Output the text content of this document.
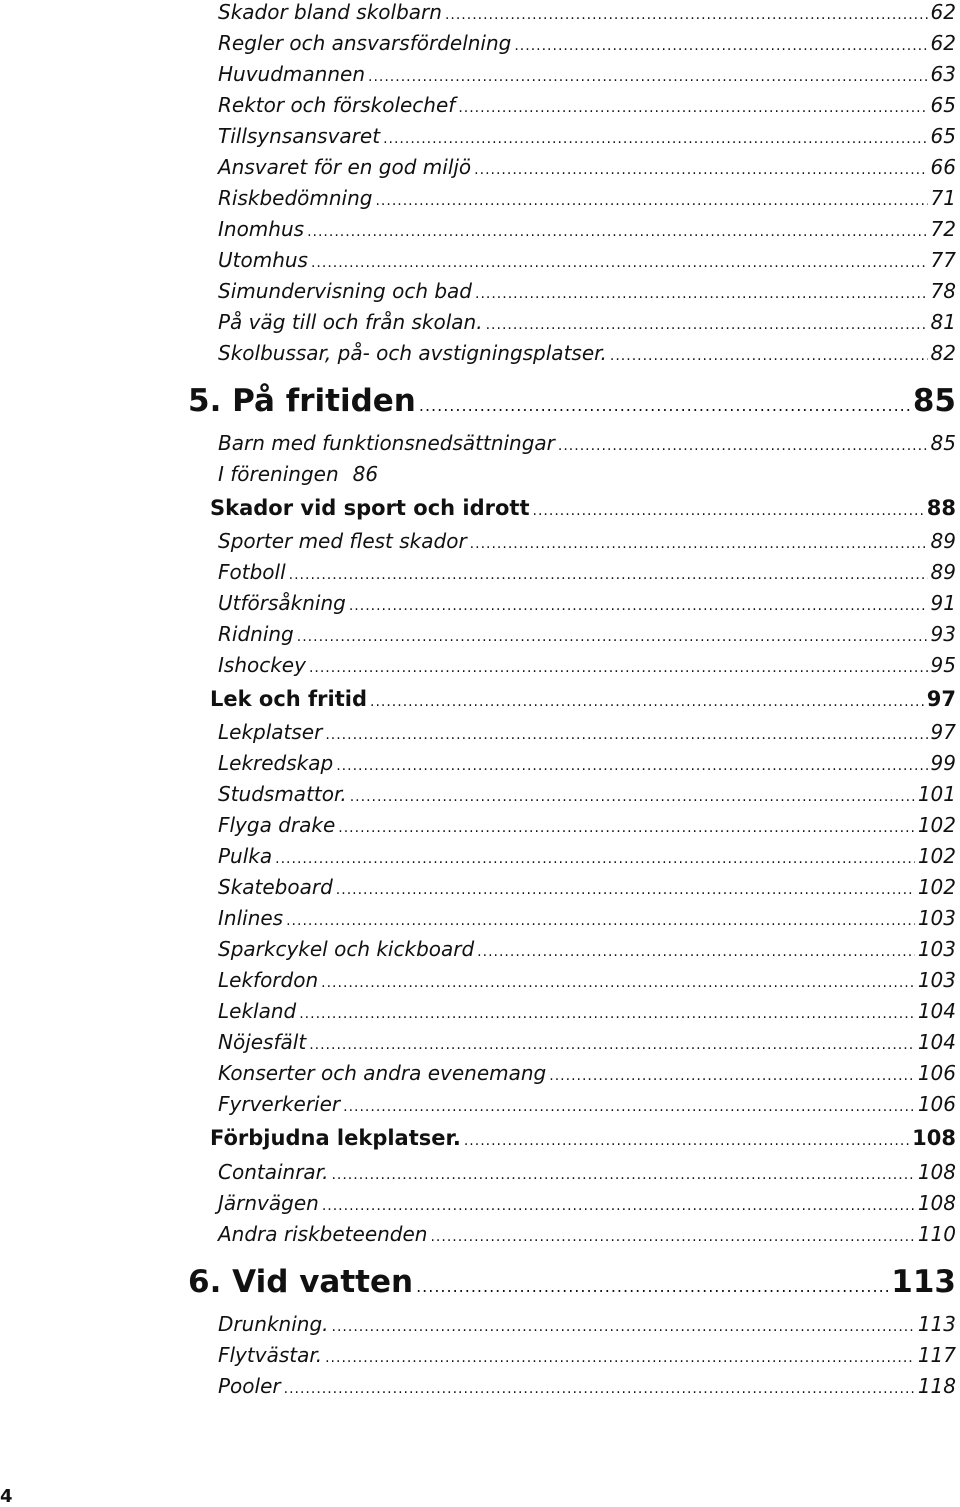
Skador bland skolbarn .....	62
Regler och ansvarsfördelning .....	62
Huvudmannen .....	63
Rektor och förskolechef .....	65
Tillsynsansvaret .....	65
Ansvaret för en god miljö .....	66
Riskbedömning .....	71
Inomhus .....	72
Utomhus .....	77
Simundervisning och bad .....	78
På väg till och från skolan. .....	81
Skolbussar, på- och avstigningsplatser. .....	82
5. På fritiden .....	85
Barn med funktionsnedsättningar .....	85
I föreningen 86
Skador vid sport och idrott .....	88
Sporter med flest skador .....	89
Fotboll .....	89
Utförsåkning .....	91
Ridning .....	93
Ishockey .....	95
Lek och fritid .....	97
Lekplatser .....	97
Lekredskap .....	99
Studsmattor. .....	101
Flyga drake .....	102
Pulka .....	102
Skateboard .....	102
Inlines .....	103
Sparkcykel och kickboard .....	103
Lekfordon .....	103
Lekland .....	104
Nöjesfält .....	104
Konserter och andra evenemang .....	106
Fyrverkerier .....	106
Förbjudna lekplatser. .....	108
Containrar. .....	108
Järnvägen .....	108
Andra riskbeteenden .....	110
6. Vid vatten .....	113
Drunkning. .....	113
Flytvästar. .....	117
Pooler .....	118
4
